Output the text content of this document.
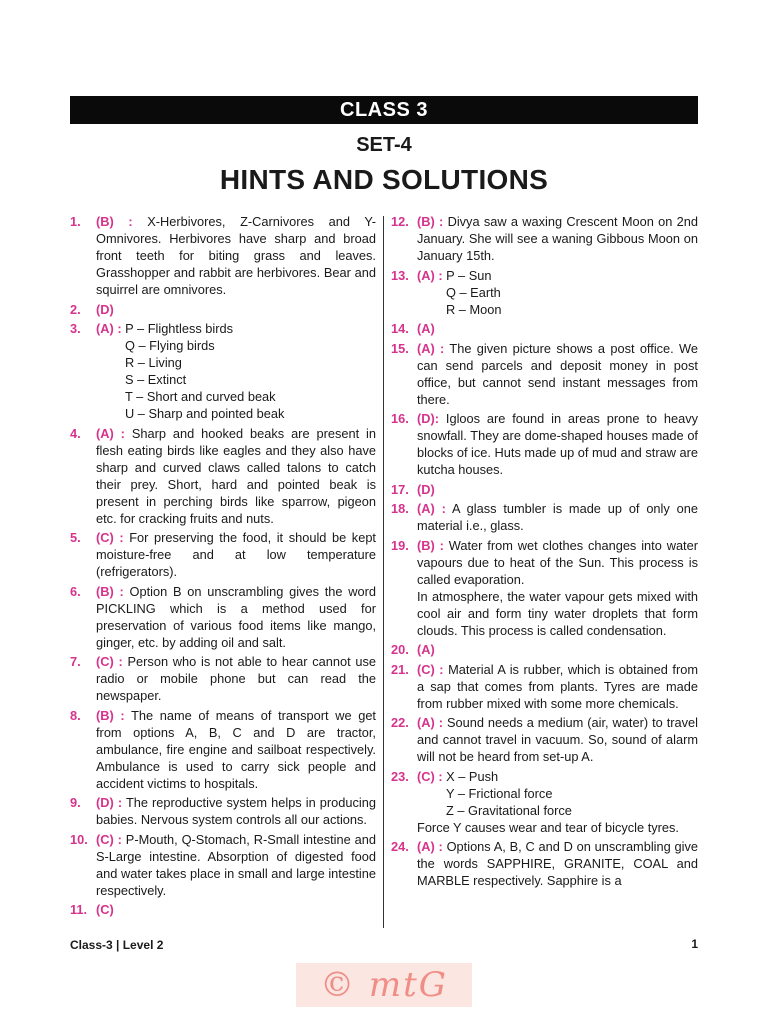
CLASS 3
SET-4
HINTS AND SOLUTIONS
1. (B) : X-Herbivores, Z-Carnivores and Y-Omnivores. Herbivores have sharp and broad front teeth for biting grass and leaves. Grasshopper and rabbit are herbivores. Bear and squirrel are omnivores.
2. (D)
3. (A) : P – Flightless birds
Q – Flying birds
R – Living
S – Extinct
T – Short and curved beak
U – Sharp and pointed beak
4. (A) : Sharp and hooked beaks are present in flesh eating birds like eagles and they also have sharp and curved claws called talons to catch their prey. Short, hard and pointed beak is present in perching birds like sparrow, pigeon etc. for cracking fruits and nuts.
5. (C) : For preserving the food, it should be kept moisture-free and at low temperature (refrigerators).
6. (B) : Option B on unscrambling gives the word PICKLING which is a method used for preservation of various food items like mango, ginger, etc. by adding oil and salt.
7. (C) : Person who is not able to hear cannot use radio or mobile phone but can read the newspaper.
8. (B) : The name of means of transport we get from options A, B, C and D are tractor, ambulance, fire engine and sailboat respectively. Ambulance is used to carry sick people and accident victims to hospitals.
9. (D) : The reproductive system helps in producing babies. Nervous system controls all our actions.
10. (C) : P-Mouth, Q-Stomach, R-Small intestine and S-Large intestine. Absorption of digested food and water takes place in small and large intestine respectively.
11. (C)
12. (B) : Divya saw a waxing Crescent Moon on 2nd January. She will see a waning Gibbous Moon on January 15th.
13. (A) : P – Sun
Q – Earth
R – Moon
14. (A)
15. (A) : The given picture shows a post office. We can send parcels and deposit money in post office, but cannot send instant messages from there.
16. (D): Igloos are found in areas prone to heavy snowfall. They are dome-shaped houses made of blocks of ice. Huts made up of mud and straw are kutcha houses.
17. (D)
18. (A) : A glass tumbler is made up of only one material i.e., glass.
19. (B) : Water from wet clothes changes into water vapours due to heat of the Sun. This process is called evaporation.
In atmosphere, the water vapour gets mixed with cool air and form tiny water droplets that form clouds. This process is called condensation.
20. (A)
21. (C) : Material A is rubber, which is obtained from a sap that comes from plants. Tyres are made from rubber mixed with some more chemicals.
22. (A) : Sound needs a medium (air, water) to travel and cannot travel in vacuum. So, sound of alarm will not be heard from set-up A.
23. (C) : X – Push
Y – Frictional force
Z – Gravitational force
Force Y causes wear and tear of bicycle tyres.
24. (A) : Options A, B, C and D on unscrambling give the words SAPPHIRE, GRANITE, COAL and MARBLE respectively. Sapphire is a
Class-3 | Level 2	1
© mtG
